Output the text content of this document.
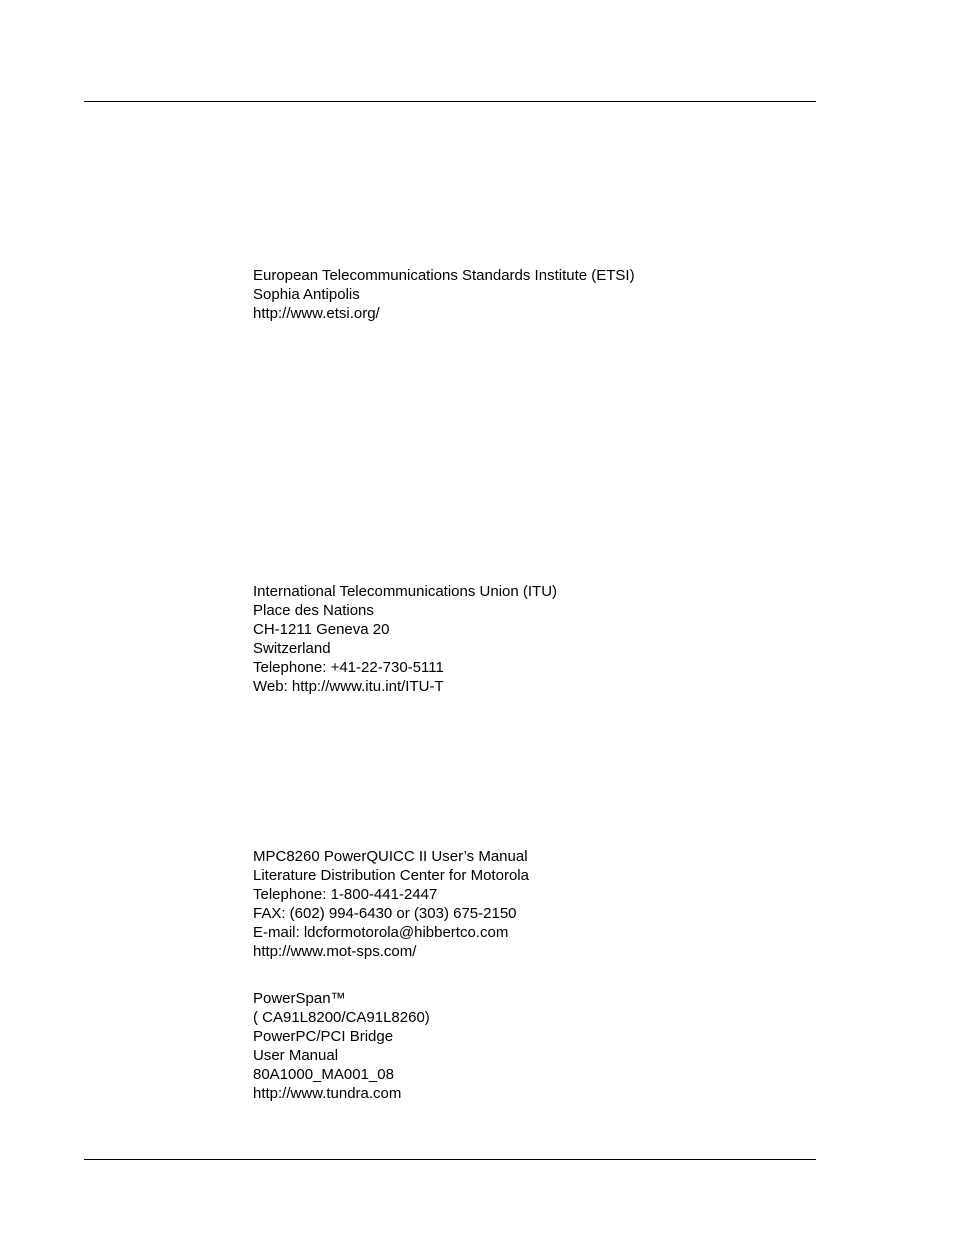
European Telecommunications Standards Institute (ETSI)
Sophia Antipolis
http://www.etsi.org/
International Telecommunications Union (ITU)
Place des Nations
CH-1211 Geneva 20
Switzerland
Telephone: +41-22-730-5111
Web: http://www.itu.int/ITU-T
MPC8260 PowerQUICC II User’s Manual
Literature Distribution Center for Motorola
Telephone: 1-800-441-2447
FAX: (602) 994-6430 or (303) 675-2150
E-mail: ldcformotorola@hibbertco.com
http://www.mot-sps.com/
PowerSpan™
( CA91L8200/CA91L8260)
PowerPC/PCI Bridge
User Manual
80A1000_MA001_08
http://www.tundra.com
